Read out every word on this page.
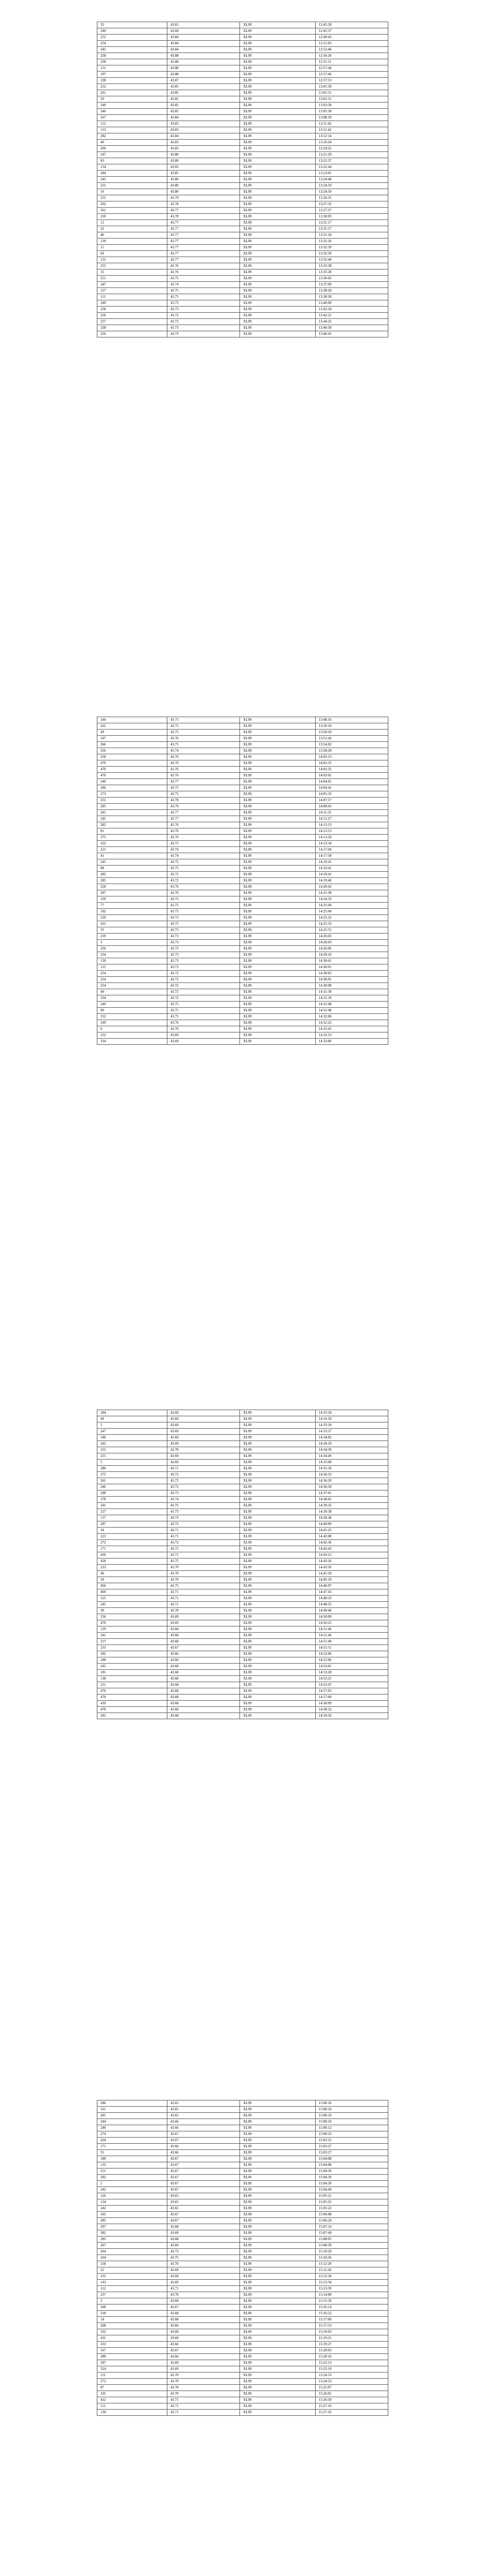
35	43.65	XL09	12:45:39
249	43.84	XL09	12:45:37
252	43.84	XL09	12:49:43
254	43.84	XL09	12:51:03
245	43.84	XL09	12:53:46
258	43.88	XL09	12:56:20
258	43.88	XL09	12:55:11
131	43.88	XL09	12:57:44
107	43.88	XL09	12:57:46
238	43.87	XL09	12:57:53
252	43.85	XL09	13:01:30
261	43.85	XL09	13:01:51
50	43.85	XL09	13:01:51
249	43.85	XL09	13:03:58
246	43.85	XL09	13:05:38
167	43.84	XL09	13:08:29
112	43.83	XL09	13:11:42
133	43.83	XL09	13:11:42
282	43.84	XL09	13:12:14
40	43.83	XL09	13:16:24
266	43.83	XL09	13:19:25
247	43.80	XL09	13:21:29
83	43.80	XL09	13:21:37
154	43.83	XL09	13:22:44
284	43.85	XL09	13:23:05
245	43.80	XL09	13:24:48
255	43.80	XL09	13:24:59
16	43.80	XL09	13:24:59
255	43.79	XL09	13:26:35
262	43.78	XL09	13:27:32
261	43.77	XL09	13:27:27
250	43.78	XL09	13:30:03
12	43.77	XL09	13:31:17
32	43.77	XL09	13:31:17
46	43.77	XL09	13:31:18
139	43.77	XL09	13:31:26
11	43.77	XL09	13:32:39
69	43.77	XL09	13:32:39
135	43.77	XL09	13:32:40
255	43.76	XL09	13:33:38
35	43.76	XL09	13:35:28
251	43.75	XL09	13:36:02
247	43.74	XL09	13:37:09
127	43.75	XL09	13:38:20
111	43.75	XL09	13:38:20
249	43.73	XL09	13:40:09
258	43.73	XL09	13:42:24
256	43.72	XL09	13:42:21
257	43.73	XL09	13:44:22
258	43.73	XL09	13:46:58
256	43.73	XL09	13:46:41
244	43.75	XL09	13:48:16
261	43.75	XL09	13:50:10
49	43.75	XL09	13:50:10
247	43.76	XL09	13:51:42
266	43.75	XL09	13:54:02
256	43.74	XL09	13:58:28
258	43.76	XL09	14:02:23
470	43.76	XL09	14:02:35
470	43.76	XL09	14:02:35
470	43.76	XL09	14:03:01
240	43.77	XL09	14:04:01
286	43.75	XL09	14:04:41
273	43.75	XL09	14:05:33
255	43.78	XL09	14:07:57
285	43.79	XL09	14:08:45
241	43.77	XL09	14:11:35
245	43.77	XL09	14:12:27
282	43.76	XL09	14:13:13
81	43.76	XL09	14:13:13
375	43.76	XL09	14:13:29
322	43.75	XL09	14:13:34
221	43.74	XL09	14:17:04
41	43.74	XL09	14:17:58
245	43.75	XL09	14:19:41
88	43.75	XL09	14:19:41
285	43.72	XL09	14:19:41
285	43.72	XL09	14:19:46
258	43.76	XL09	14:20:42
287	43.76	XL09	14:21:38
259	43.75	XL09	14:24:33
77	43.75	XL09	14:25:04
192	43.73	XL09	14:25:04
239	43.73	XL09	14:25:22
261	43.75	XL09	14:25:33
35	43.73	XL09	14:25:55
259	43.73	XL09	14:26:03
3	43.73	XL09	14:26:03
256	43.73	XL09	14:26:06
254	43.73	XL09	14:29:10
139	43.73	XL09	14:30:01
115	43.73	XL09	14:30:01
254	43.72	XL09	14:30:03
254	43.72	XL09	14:30:01
254	43.72	XL09	14:30:08
49	43.72	XL09	14:31:39
334	43.72	XL09	14:31:39
249	43.75	XL09	14:31:48
90	43.75	XL09	14:31:48
252	43.75	XL09	14:32:06
249	43.76	XL09	14:32:22
6	43.76	XL09	14:32:41
252	43.69	XL09	14:32:53
334	43.69	XL09	14:33:06
284	43.69	XL09	14:33:18
49	43.69	XL09	14:33:18
5	43.69	XL09	14:33:18
247	43.69	XL09	14:33:37
180	43.69	XL09	14:34:02
242	43.69	XL09	14:34:18
255	43.70	XL09	14:34:39
255	43.69	XL09	14:34:49
5	43.69	XL09	14:35:08
286	43.71	XL09	14:35:29
275	43.72	XL09	14:36:33
261	43.72	XL09	14:36:29
246	43.72	XL09	14:36:59
290	43.73	XL09	14:37:01
378	43.74	XL09	14:38:45
241	43.75	XL09	14:39:35
227	43.73	XL09	14:39:38
137	43.73	XL09	14:39:38
287	43.72	XL09	14:40:09
34	43.71	XL09	14:41:23
223	43.71	XL09	14:42:08
272	43.72	XL09	14:42:36
171	43.72	XL09	14:42:43
450	43.71	XL09	14:43:12
450	43.75	XL09	14:43:26
233	43.70	XL09	14:43:26
46	43.70	XL09	14:45:18
50	43.70	XL09	14:45:18
456	43.75	XL09	14:46:07
469	43.71	XL09	14:47:43
125	43.71	XL09	14:48:33
245	43.71	XL09	14:48:55
38	43.70	XL09	14:49:46
256	43.69	XL09	14:50:09
470	43.69	XL09	14:50:23
129	43.68	XL09	14:51:46
241	43.68	XL09	14:51:46
257	43.68	XL09	14:51:49
233	43.67	XL09	14:51:51
302	43.66	XL09	14:52:06
180	43.66	XL09	14:52:06
245	43.68	XL09	14:53:01
181	43.68	XL09	14:53:20
130	43.68	XL09	14:53:21
251	43.68	XL09	14:53:47
470	43.68	XL09	14:57:03
470	43.68	XL09	14:57:09
439	43.68	XL09	14:58:09
470	43.68	XL09	14:58:52
281	43.68	XL09	14:59:56
286	43.65	XL09	15:00:10
161	43.65	XL09	15:00:10
281	43.65	XL09	15:00:10
244	43.66	XL09	15:00:10
240	43.66	XL09	15:00:12
274	43.67	XL09	15:00:33
264	43.67	XL09	15:03:22
171	43.66	XL09	15:03:27
55	43.66	XL09	15:03:27
180	43.67	XL09	15:04:08
133	43.67	XL09	15:04:08
251	43.67	XL09	15:04:39
202	43.67	XL09	15:04:39
2	43.67	XL09	15:04:39
242	43.67	XL09	15:04:49
126	43.65	XL09	15:05:21
134	43.65	XL09	15:05:22
242	43.65	XL09	15:05:22
165	43.67	XL09	15:06:08
285	43.67	XL09	15:06:24
297	43.68	XL09	15:07:14
382	43.69	XL09	15:07:49
285	43.68	XL09	15:08:05
267	43.69	XL09	15:08:39
264	43.73	XL09	15:10:29
264	43.75	XL09	15:10:56
258	43.70	XL09	15:12:20
22	43.69	XL09	15:12:42
235	43.68	XL09	15:12:58
143	43.69	XL09	15:13:34
112	43.71	XL09	15:13:59
237	43.70	XL09	15:14:00
3	43.68	XL09	15:15:39
268	43.67	XL09	15:16:14
218	43.68	XL09	15:16:52
18	43.68	XL09	15:17:00
268	43.66	XL09	15:17:53
332	43.69	XL09	15:19:03
431	43.69	XL09	15:19:21
333	43.66	XL09	15:19:27
167	43.67	XL09	15:20:03
289	43.66	XL09	15:20:16
287	43.69	XL09	15:22:13
324	43.69	XL09	15:22:19
111	43.70	XL09	15:24:53
272	43.70	XL09	15:24:53
87	43.70	XL09	15:25:07
335	43.70	XL09	15:26:01
422	43.71	XL09	15:26:50
111	43.71	XL09	15:27:16
139	43.71	XL09	15:27:16
